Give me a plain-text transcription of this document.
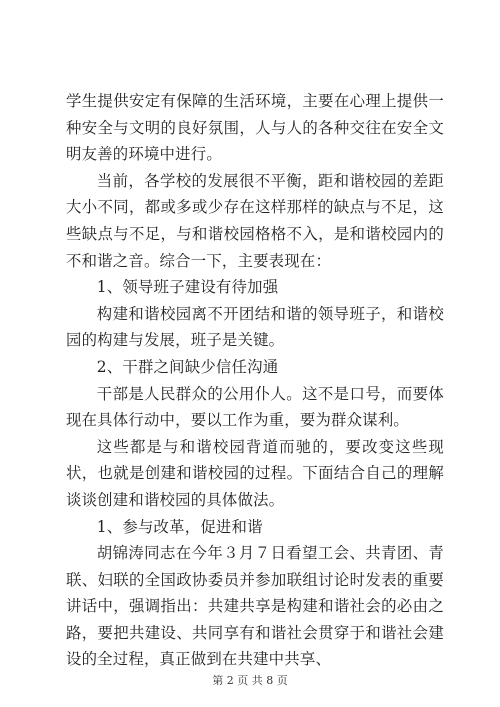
学生提供安定有保障的生活环境，主要在心理上提供一种安全与文明的良好氛围，人与人的各种交往在安全文明友善的环境中进行。

当前，各学校的发展很不平衡，距和谐校园的差距大小不同，都或多或少存在这样那样的缺点与不足，这些缺点与不足，与和谐校园格格不入，是和谐校园内的不和谐之音。综合一下，主要表现在：

1、领导班子建设有待加强

构建和谐校园离不开团结和谐的领导班子，和谐校园的构建与发展，班子是关键。

2、干群之间缺少信任沟通

干部是人民群众的公用仆人。这不是口号，而要体现在具体行动中，要以工作为重，要为群众谋利。

这些都是与和谐校园背道而驰的，要改变这些现状，也就是创建和谐校园的过程。下面结合自己的理解谈谈创建和谐校园的具体做法。

1、参与改革，促进和谐

胡锦涛同志在今年３月７日看望工会、共青团、青联、妇联的全国政协委员并参加联组讨论时发表的重要讲话中，强调指出：共建共享是构建和谐社会的必由之路，要把共建设、共同享有和谐社会贯穿于和谐社会建设的全过程，真正做到在共建中共享、

第 2 页 共 8 页
